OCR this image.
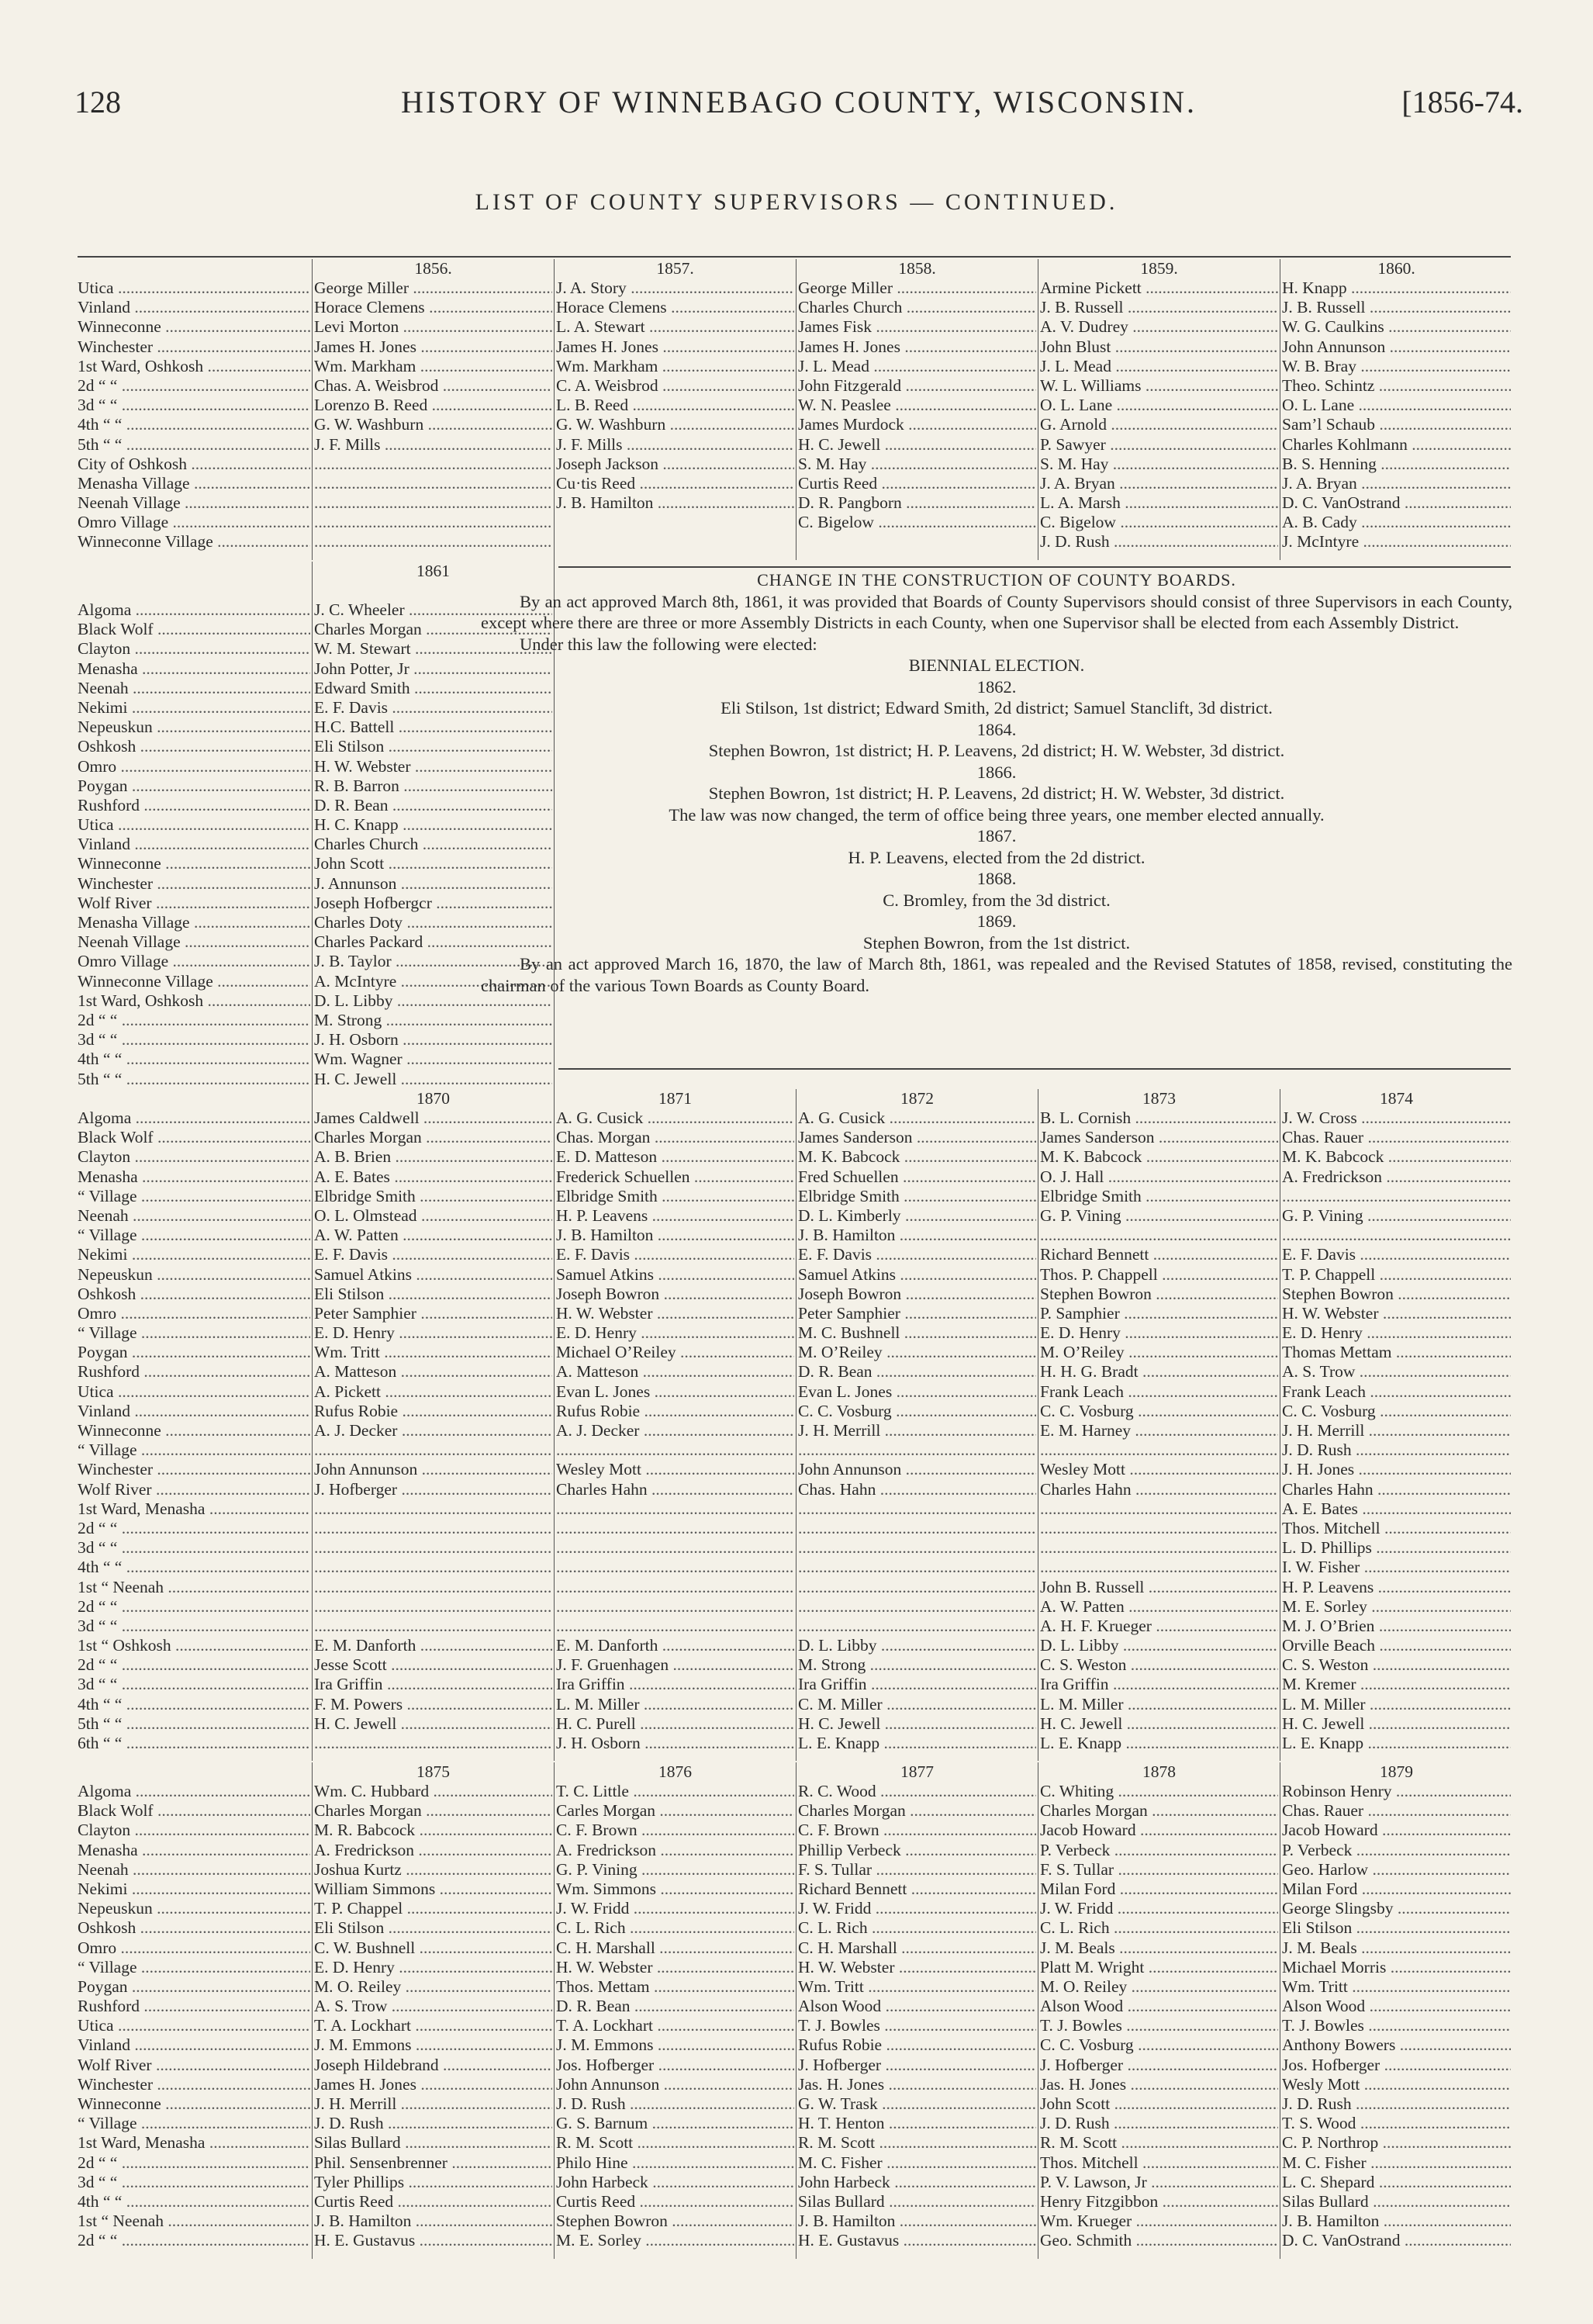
128	HISTORY OF WINNEBAGO COUNTY, WISCONSIN.	[1856-74.
LIST OF COUNTY SUPERVISORS — CONTINUED.
Utica .....
Vinland .....
Winneconne .....
Winchester .....
1st Ward, Oshkosh .....
2d “ “ .....
3d “ “ .....
4th “ “ .....
5th “ “ .....
City of Oshkosh .....
Menasha Village .....
Neenah Village .....
Omro Village .....
Winneconne Village .....
1856.
George Miller .....
Horace Clemens .....
Levi Morton .....
James H. Jones .....
Wm. Markham .....
Chas. A. Weisbrod .....
Lorenzo B. Reed .....
G. W. Washburn .....
J. F. Mills .....
.....
.....
.....
.....
.....
1857.
J. A. Story .....
Horace Clemens .....
L. A. Stewart .....
James H. Jones .....
Wm. Markham .....
C. A. Weisbrod .....
L. B. Reed .....
G. W. Washburn .....
J. F. Mills .....
Joseph Jackson .....
Cu·tis Reed .....
J. B. Hamilton .....
1858.
George Miller .....
Charles Church .....
James Fisk .....
James H. Jones .....
J. L. Mead .....
John Fitzgerald .....
W. N. Peaslee .....
James Murdock .....
H. C. Jewell .....
S. M. Hay .....
Curtis Reed .....
D. R. Pangborn .....
C. Bigelow .....
1859.
Armine Pickett .....
J. B. Russell .....
A. V. Dudrey .....
John Blust .....
J. L. Mead .....
W. L. Williams .....
O. L. Lane .....
G. Arnold .....
P. Sawyer .....
S. M. Hay .....
J. A. Bryan .....
L. A. Marsh .....
C. Bigelow .....
J. D. Rush .....
1860.
H. Knapp .....
J. B. Russell .....
W. G. Caulkins .....
John Annunson .....
W. B. Bray .....
Theo. Schintz .....
O. L. Lane .....
Sam’l Schaub .....
Charles Kohlmann .....
B. S. Henning .....
J. A. Bryan .....
D. C. VanOstrand .....
A. B. Cady .....
J. McIntyre .....
Algoma .....
Black Wolf .....
Clayton .....
Menasha .....
Neenah .....
Nekimi .....
Nepeuskun .....
Oshkosh .....
Omro .....
Poygan .....
Rushford .....
Utica .....
Vinland .....
Winneconne .....
Winchester .....
Wolf River .....
Menasha Village .....
Neenah Village .....
Omro Village .....
Winneconne Village .....
1st Ward, Oshkosh .....
2d “ “ .....
3d “ “ .....
4th “ “ .....
5th “ “ .....
1861
J. C. Wheeler .....
Charles Morgan .....
W. M. Stewart .....
John Potter, Jr .....
Edward Smith .....
E. F. Davis .....
H.C. Battell .....
Eli Stilson .....
H. W. Webster .....
R. B. Barron .....
D. R. Bean .....
H. C. Knapp .....
Charles Church .....
John Scott .....
J. Annunson .....
Joseph Hofbergcr .....
Charles Doty .....
Charles Packard .....
J. B. Taylor .....
A. McIntyre .....
D. L. Libby .....
M. Strong .....
J. H. Osborn .....
Wm. Wagner .....
H. C. Jewell .....
CHANGE IN THE CONSTRUCTION OF COUNTY BOARDS.
By an act approved March 8th, 1861, it was provided that Boards of County Supervisors should consist of three Supervisors in each County, except where there are three or more Assembly Districts in each County, when one Supervisor shall be elected from each Assembly District.
Under this law the following were elected:
BIENNIAL ELECTION.
1862.
Eli Stilson, 1st district; Edward Smith, 2d district; Samuel Stanclift, 3d district.
1864.
Stephen Bowron, 1st district; H. P. Leavens, 2d district; H. W. Webster, 3d district.
1866.
Stephen Bowron, 1st district; H. P. Leavens, 2d district; H. W. Webster, 3d district.
The law was now changed, the term of office being three years, one member elected annually.
1867.
H. P. Leavens, elected from the 2d district.
1868.
C. Bromley, from the 3d district.
1869.
Stephen Bowron, from the 1st district.
By an act approved March 16, 1870, the law of March 8th, 1861, was repealed and the Revised Statutes of 1858, revised, constituting the chairman of the various Town Boards as County Board.
Algoma .....
Black Wolf .....
Clayton .....
Menasha .....
“ Village .....
Neenah .....
“ Village .....
Nekimi .....
Nepeuskun .....
Oshkosh .....
Omro .....
“ Village .....
Poygan .....
Rushford .....
Utica .....
Vinland .....
Winneconne .....
“ Village .....
Winchester .....
Wolf River .....
1st Ward, Menasha .....
2d “ “ .....
3d “ “ .....
4th “ “ .....
1st “ Neenah .....
2d “ “ .....
3d “ “ .....
1st “ Oshkosh .....
2d “ “ .....
3d “ “ .....
4th “ “ .....
5th “ “ .....
6th “ “ .....
1870
James Caldwell .....
Charles Morgan .....
A. B. Brien .....
A. E. Bates .....
Elbridge Smith .....
O. L. Olmstead .....
A. W. Patten .....
E. F. Davis .....
Samuel Atkins .....
Eli Stilson .....
Peter Samphier .....
E. D. Henry .....
Wm. Tritt .....
A. Matteson .....
A. Pickett .....
Rufus Robie .....
A. J. Decker .....
.....
John Annunson .....
J. Hofberger .....
.....
.....
.....
.....
.....
.....
.....
E. M. Danforth .....
Jesse Scott .....
Ira Griffin .....
F. M. Powers .....
H. C. Jewell .....
.....
1871
A. G. Cusick .....
Chas. Morgan .....
E. D. Matteson .....
Frederick Schuellen .....
Elbridge Smith .....
H. P. Leavens .....
J. B. Hamilton .....
E. F. Davis .....
Samuel Atkins .....
Joseph Bowron .....
H. W. Webster .....
E. D. Henry .....
Michael O’Reiley .....
A. Matteson .....
Evan L. Jones .....
Rufus Robie .....
A. J. Decker .....
.....
Wesley Mott .....
Charles Hahn .....
.....
.....
.....
.....
.....
.....
.....
E. M. Danforth .....
J. F. Gruenhagen .....
Ira Griffin .....
L. M. Miller .....
H. C. Purell .....
J. H. Osborn .....
1872
A. G. Cusick .....
James Sanderson .....
M. K. Babcock .....
Fred Schuellen .....
Elbridge Smith .....
D. L. Kimberly .....
J. B. Hamilton .....
E. F. Davis .....
Samuel Atkins .....
Joseph Bowron .....
Peter Samphier .....
M. C. Bushnell .....
M. O’Reiley .....
D. R. Bean .....
Evan L. Jones .....
C. C. Vosburg .....
J. H. Merrill .....
.....
John Annunson .....
Chas. Hahn .....
.....
.....
.....
.....
.....
.....
.....
D. L. Libby .....
M. Strong .....
Ira Griffin .....
C. M. Miller .....
H. C. Jewell .....
L. E. Knapp .....
1873
B. L. Cornish .....
James Sanderson .....
M. K. Babcock .....
O. J. Hall .....
Elbridge Smith .....
G. P. Vining .....
.....
Richard Bennett .....
Thos. P. Chappell .....
Stephen Bowron .....
P. Samphier .....
E. D. Henry .....
M. O’Reiley .....
H. H. G. Bradt .....
Frank Leach .....
C. C. Vosburg .....
E. M. Harney .....
.....
Wesley Mott .....
Charles Hahn .....
.....
.....
.....
.....
John B. Russell .....
A. W. Patten .....
A. H. F. Krueger .....
D. L. Libby .....
C. S. Weston .....
Ira Griffin .....
L. M. Miller .....
H. C. Jewell .....
L. E. Knapp .....
1874
J. W. Cross .....
Chas. Rauer .....
M. K. Babcock .....
A. Fredrickson .....
.....
G. P. Vining .....
.....
E. F. Davis .....
T. P. Chappell .....
Stephen Bowron .....
H. W. Webster .....
E. D. Henry .....
Thomas Mettam .....
A. S. Trow .....
Frank Leach .....
C. C. Vosburg .....
J. H. Merrill .....
J. D. Rush .....
J. H. Jones .....
Charles Hahn .....
A. E. Bates .....
Thos. Mitchell .....
L. D. Phillips .....
I. W. Fisher .....
H. P. Leavens .....
M. E. Sorley .....
M. J. O’Brien .....
Orville Beach .....
C. S. Weston .....
M. Kremer .....
L. M. Miller .....
H. C. Jewell .....
L. E. Knapp .....
Algoma .....
Black Wolf .....
Clayton .....
Menasha .....
Neenah .....
Nekimi .....
Nepeuskun .....
Oshkosh .....
Omro .....
“ Village .....
Poygan .....
Rushford .....
Utica .....
Vinland .....
Wolf River .....
Winchester .....
Winneconne .....
“ Village .....
1st Ward, Menasha .....
2d “ “ .....
3d “ “ .....
4th “ “ .....
1st “ Neenah .....
2d “ “ .....
1875
Wm. C. Hubbard .....
Charles Morgan .....
M. R. Babcock .....
A. Fredrickson .....
Joshua Kurtz .....
William Simmons .....
T. P. Chappel .....
Eli Stilson .....
C. W. Bushnell .....
E. D. Henry .....
M. O. Reiley .....
A. S. Trow .....
T. A. Lockhart .....
J. M. Emmons .....
Joseph Hildebrand .....
James H. Jones .....
J. H. Merrill .....
J. D. Rush .....
Silas Bullard .....
Phil. Sensenbrenner .....
Tyler Phillips .....
Curtis Reed .....
J. B. Hamilton .....
H. E. Gustavus .....
1876
T. C. Little .....
Carles Morgan .....
C. F. Brown .....
A. Fredrickson .....
G. P. Vining .....
Wm. Simmons .....
J. W. Fridd .....
C. L. Rich .....
C. H. Marshall .....
H. W. Webster .....
Thos. Mettam .....
D. R. Bean .....
T. A. Lockhart .....
J. M. Emmons .....
Jos. Hofberger .....
John Annunson .....
J. D. Rush .....
G. S. Barnum .....
R. M. Scott .....
Philo Hine .....
John Harbeck .....
Curtis Reed .....
Stephen Bowron .....
M. E. Sorley .....
1877
R. C. Wood .....
Charles Morgan .....
C. F. Brown .....
Phillip Verbeck .....
F. S. Tullar .....
Richard Bennett .....
J. W. Fridd .....
C. L. Rich .....
C. H. Marshall .....
H. W. Webster .....
Wm. Tritt .....
Alson Wood .....
T. J. Bowles .....
Rufus Robie .....
J. Hofberger .....
Jas. H. Jones .....
G. W. Trask .....
H. T. Henton .....
R. M. Scott .....
M. C. Fisher .....
John Harbeck .....
Silas Bullard .....
J. B. Hamilton .....
H. E. Gustavus .....
1878
C. Whiting .....
Charles Morgan .....
Jacob Howard .....
P. Verbeck .....
F. S. Tullar .....
Milan Ford .....
J. W. Fridd .....
C. L. Rich .....
J. M. Beals .....
Platt M. Wright .....
M. O. Reiley .....
Alson Wood .....
T. J. Bowles .....
C. C. Vosburg .....
J. Hofberger .....
Jas. H. Jones .....
John Scott .....
J. D. Rush .....
R. M. Scott .....
Thos. Mitchell .....
P. V. Lawson, Jr .....
Henry Fitzgibbon .....
Wm. Krueger .....
Geo. Schmith .....
1879
Robinson Henry .....
Chas. Rauer .....
Jacob Howard .....
P. Verbeck .....
Geo. Harlow .....
Milan Ford .....
George Slingsby .....
Eli Stilson .....
J. M. Beals .....
Michael Morris .....
Wm. Tritt .....
Alson Wood .....
T. J. Bowles .....
Anthony Bowers .....
Jos. Hofberger .....
Wesly Mott .....
J. D. Rush .....
T. S. Wood .....
C. P. Northrop .....
M. C. Fisher .....
L. C. Shepard .....
Silas Bullard .....
J. B. Hamilton .....
D. C. VanOstrand .....
